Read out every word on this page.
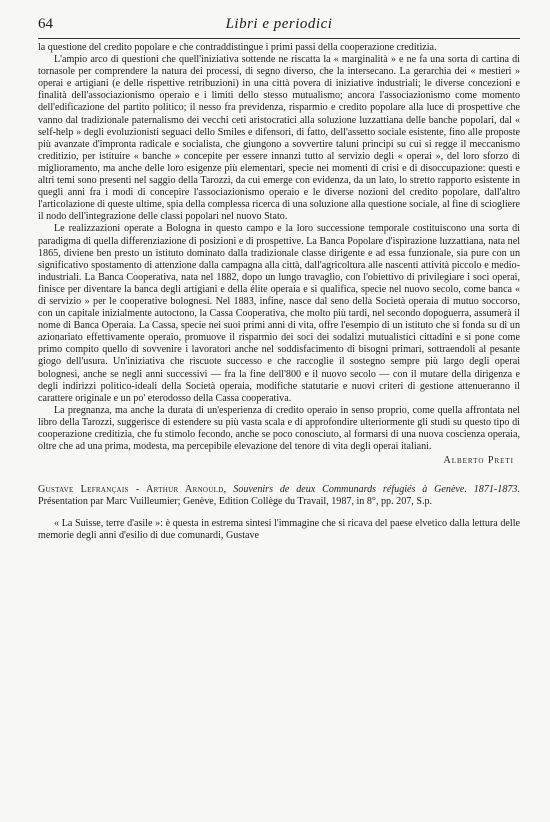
64	Libri e periodici

la questione del credito popolare e che contraddistingue i primi passi della cooperazione creditizia.

L'ampio arco di questioni che quell'iniziativa sottende ne riscatta la « marginalità » e ne fa una sorta di cartina di tornasole per comprendere la natura dei processi, di segno diverso, che la intersecano. La gerarchia dei « mestieri » operai e artigiani (e delle rispettive retribuzioni) in una città povera di iniziative industriali; le diverse concezioni e finalità dell'associazionismo operaio e i limiti dello stesso mutualismo; ancora l'associazionismo come momento dell'edificazione del partito politico; il nesso fra previdenza, risparmio e credito popolare alla luce di prospettive che vanno dal tradizionale paternalismo dei vecchi ceti aristocratici alla soluzione luzzattiana delle banche popolari, dal « self-help » degli evoluzionisti seguaci dello Smiles e difensori, di fatto, dell'assetto sociale esistente, fino alle proposte più avanzate d'impronta radicale e socialista, che giungono a sovvertire taluni principi su cui si regge il meccanismo creditizio, per istituire « banche » concepite per essere innanzi tutto al servizio degli « operai », del loro sforzo di miglioramento, ma anche delle loro esigenze più elementari, specie nei momenti di crisi e di disoccupazione: questi e altri temi sono presenti nel saggio della Tarozzi, da cui emerge con evidenza, da un lato, lo stretto rapporto esistente in quegli anni fra i modi di concepire l'associazionismo operaio e le diverse nozioni del credito popolare, dall'altro l'articolazione di queste ultime, spia della complessa ricerca di una soluzione alla questione sociale, al fine di sciogliere il nodo dell'integrazione delle classi popolari nel nuovo Stato.

Le realizzazioni operate a Bologna in questo campo e la loro successione temporale costituiscono una sorta di paradigma di quella differenziazione di posizioni e di prospettive. La Banca Popolare d'ispirazione luzzattiana, nata nel 1865, diviene ben presto un istituto dominato dalla tradizionale classe dirigente e ad essa funzionale, sia pure con un significativo spostamento di attenzione dalla campagna alla città, dall'agricoltura alle nascenti attività piccolo e medio-industriali. La Banca Cooperativa, nata nel 1882, dopo un lungo travaglio, con l'obiettivo di privilegiare i soci operai, finisce per diventare la banca degli artigiani e della élite operaia e si qualifica, specie nel nuovo secolo, come banca « di servizio » per le cooperative bolognesi. Nel 1883, infine, nasce dal seno della Società operaia di mutuo soccorso, con un capitale inizialmente autoctono, la Cassa Cooperativa, che molto più tardi, nel secondo dopoguerra, assumerà il nome di Banca Operaia. La Cassa, specie nei suoi primi anni di vita, offre l'esempio di un istituto che si fonda su di un azionariato effettivamente operaio, promuove il risparmio dei soci dei sodalizi mutualistici cittadini e si pone come primo compito quello di sovvenire i lavoratori anche nel soddisfacimento di bisogni primari, sottraendoli al pesante giogo dell'usura. Un'iniziativa che riscuote successo e che raccoglie il sostegno sempre più largo degli operai bolognesi, anche se negli anni successivi — fra la fine dell'800 e il nuovo secolo — con il mutare della dirigenza e degli indirizzi politico-ideali della Società operaia, modifiche statutarie e nuovi criteri di gestione attenueranno il carattere originale e un po' eterodosso della Cassa cooperativa.

La pregnanza, ma anche la durata di un'esperienza di credito operaio in senso proprio, come quella affrontata nel libro della Tarozzi, suggerisce di estendere su più vasta scala e di approfondire ulteriormente gli studi su questo tipo di cooperazione creditizia, che fu stimolo fecondo, anche se poco conosciuto, al formarsi di una nuova coscienza operaia, oltre che ad una prima, modesta, ma percepibile elevazione del tenore di vita degli operai italiani.

Alberto Preti
Gustave Lefrançais - Arthur Arnould, Souvenirs de deux Communards réfugiés à Genève. 1871-1873. Présentation par Marc Vuilleumier; Genève, Edition Collège du Travail, 1987, in 8°, pp. 207, S.p.

« La Suisse, terre d'asile »: è questa in estrema sintesi l'immagine che si ricava del paese elvetico dalla lettura delle memorie degli anni d'esilio di due comunardi, Gustave
